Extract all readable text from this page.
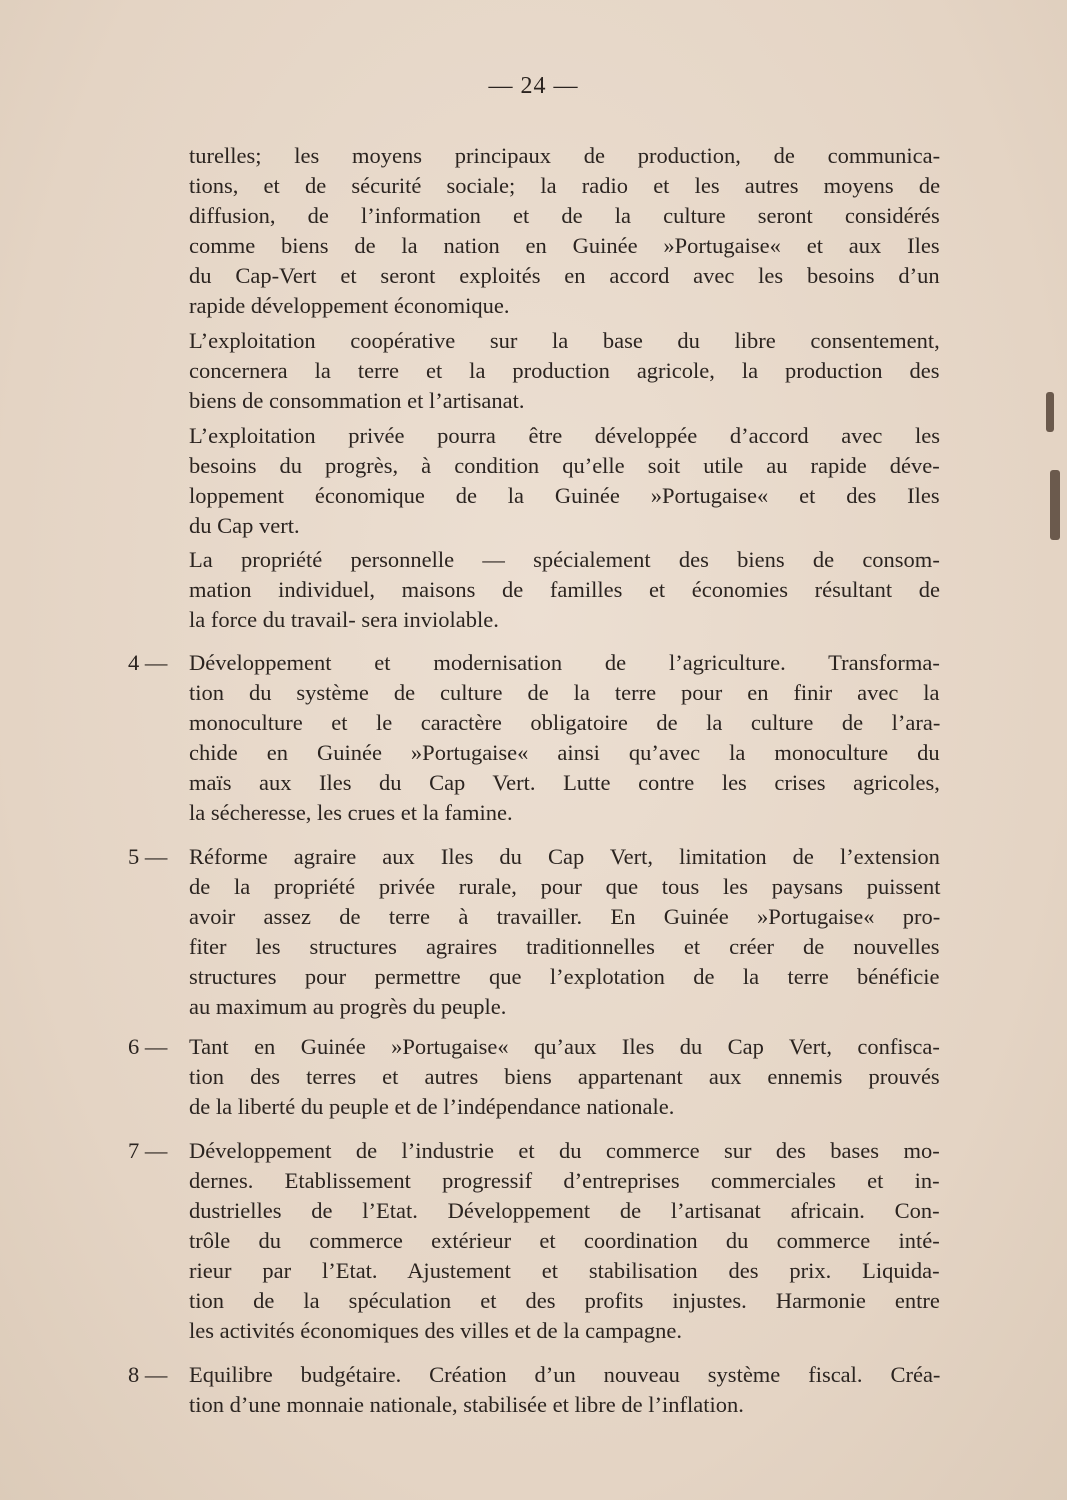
— 24 —
turelles; les moyens principaux de production, de communica-
tions, et de sécurité sociale; la radio et les autres moyens de
diffusion, de l’information et de la culture seront considérés
comme biens de la nation en Guinée »Portugaise« et aux Iles
du Cap-Vert et seront exploités en accord avec les besoins d’un
rapide développement économique.
L’exploitation coopérative sur la base du libre consentement,
concernera la terre et la production agricole, la production des
biens de consommation et l’artisanat.
L’exploitation privée pourra être développée d’accord avec les
besoins du progrès, à condition qu’elle soit utile au rapide déve-
loppement économique de la Guinée »Portugaise« et des Iles
du Cap vert.
La propriété personnelle — spécialement des biens de consom-
mation individuel, maisons de familles et économies résultant de
la force du travail- sera inviolable.
4 — Développement et modernisation de l’agriculture. Transforma-
tion du système de culture de la terre pour en finir avec la
monoculture et le caractère obligatoire de la culture de l’ara-
chide en Guinée »Portugaise« ainsi qu’avec la monoculture du
maïs aux Iles du Cap Vert. Lutte contre les crises agricoles,
la sécheresse, les crues et la famine.
5 — Réforme agraire aux Iles du Cap Vert, limitation de l’extension
de la propriété privée rurale, pour que tous les paysans puissent
avoir assez de terre à travailler. En Guinée »Portugaise« pro-
fiter les structures agraires traditionnelles et créer de nouvelles
structures pour permettre que l’explotation de la terre bénéficie
au maximum au progrès du peuple.
6 — Tant en Guinée »Portugaise« qu’aux Iles du Cap Vert, confisca-
tion des terres et autres biens appartenant aux ennemis prouvés
de la liberté du peuple et de l’indépendance nationale.
7 — Développement de l’industrie et du commerce sur des bases mo-
dernes. Etablissement progressif d’entreprises commerciales et in-
dustrielles de l’Etat. Développement de l’artisanat africain. Con-
trôle du commerce extérieur et coordination du commerce inté-
rieur par l’Etat. Ajustement et stabilisation des prix. Liquida-
tion de la spéculation et des profits injustes. Harmonie entre
les activités économiques des villes et de la campagne.
8 — Equilibre budgétaire. Création d’un nouveau système fiscal. Créa-
tion d’une monnaie nationale, stabilisée et libre de l’inflation.
